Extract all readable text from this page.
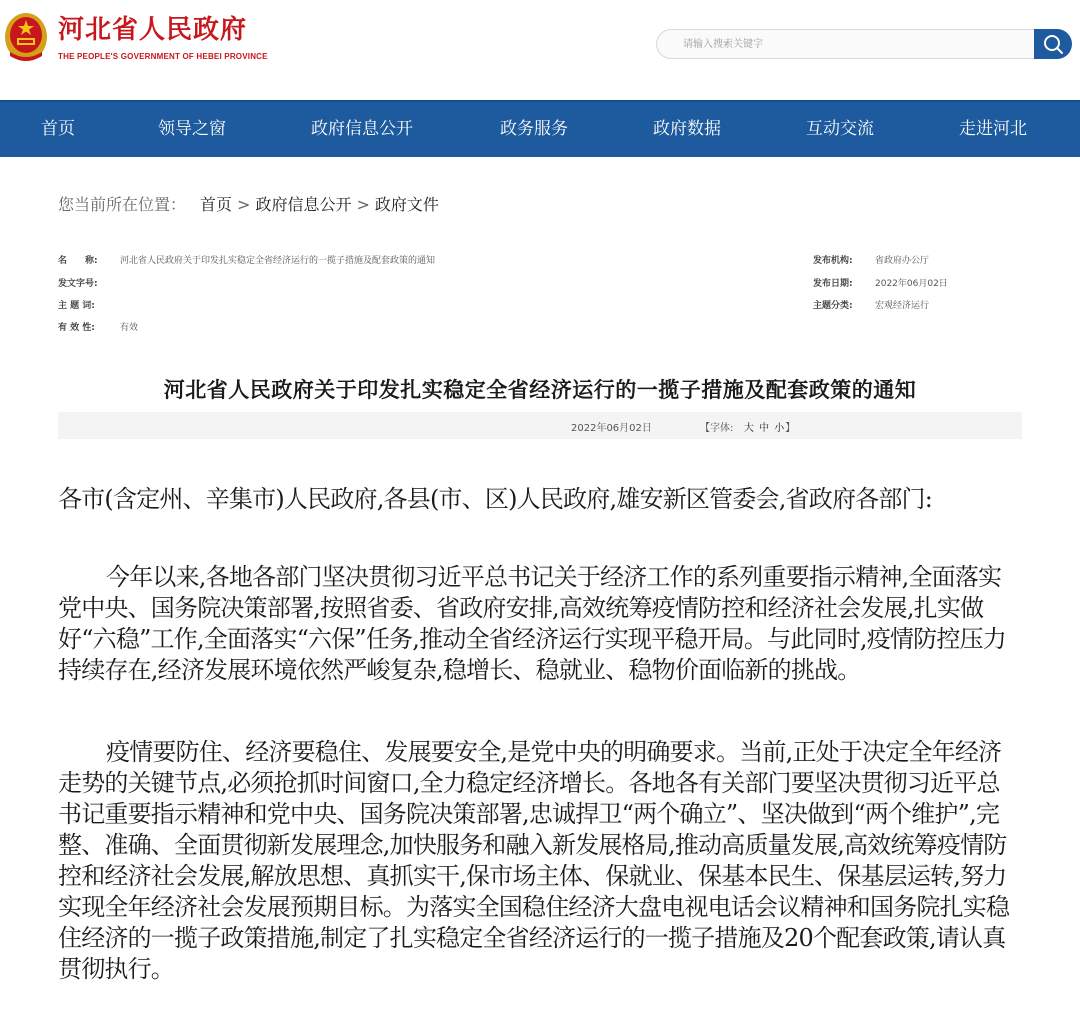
河北省人民政府
THE PEOPLE'S GOVERNMENT OF HEBEI PROVINCE
请输入搜索关键字
首页	领导之窗	政府信息公开	政务服务	政府数据	互动交流	走进河北
您当前所在位置： 首页 > 政府信息公开 > 政府文件
名　　称: 河北省人民政府关于印发扎实稳定全省经济运行的一揽子措施及配套政策的通知
发文字号:
主 题 词:
有 效 性:	有效
发布机构: 省政府办公厅
发布日期: 2022年06月02日
主题分类: 宏观经济运行
河北省人民政府关于印发扎实稳定全省经济运行的一揽子措施及配套政策的通知
2022年06月02日	【字体: 大 中 小】
各市(含定州、辛集市)人民政府,各县(市、区)人民政府,雄安新区管委会,省政府各部门:
今年以来,各地各部门坚决贯彻习近平总书记关于经济工作的系列重要指示精神,全面落实党中央、国务院决策部署,按照省委、省政府安排,高效统筹疫情防控和经济社会发展,扎实做好“六稳”工作,全面落实“六保”任务,推动全省经济运行实现平稳开局。与此同时,疫情防控压力持续存在,经济发展环境依然严峻复杂,稳增长、稳就业、稳物价面临新的挑战。
疫情要防住、经济要稳住、发展要安全,是党中央的明确要求。当前,正处于决定全年经济走势的关键节点,必须抢抓时间窗口,全力稳定经济增长。各地各有关部门要坚决贯彻习近平总书记重要指示精神和党中央、国务院决策部署,忠诚捍卫“两个确立”、坚决做到“两个维护”,完整、准确、全面贯彻新发展理念,加快服务和融入新发展格局,推动高质量发展,高效统筹疫情防控和经济社会发展,解放思想、真抓实干,保市场主体、保就业、保基本民生、保基层运转,努力实现全年经济社会发展预期目标。为落实全国稳住经济大盘电视电话会议精神和国务院扎实稳住经济的一揽子政策措施,制定了扎实稳定全省经济运行的一揽子措施及20个配套政策,请认真贯彻执行。
